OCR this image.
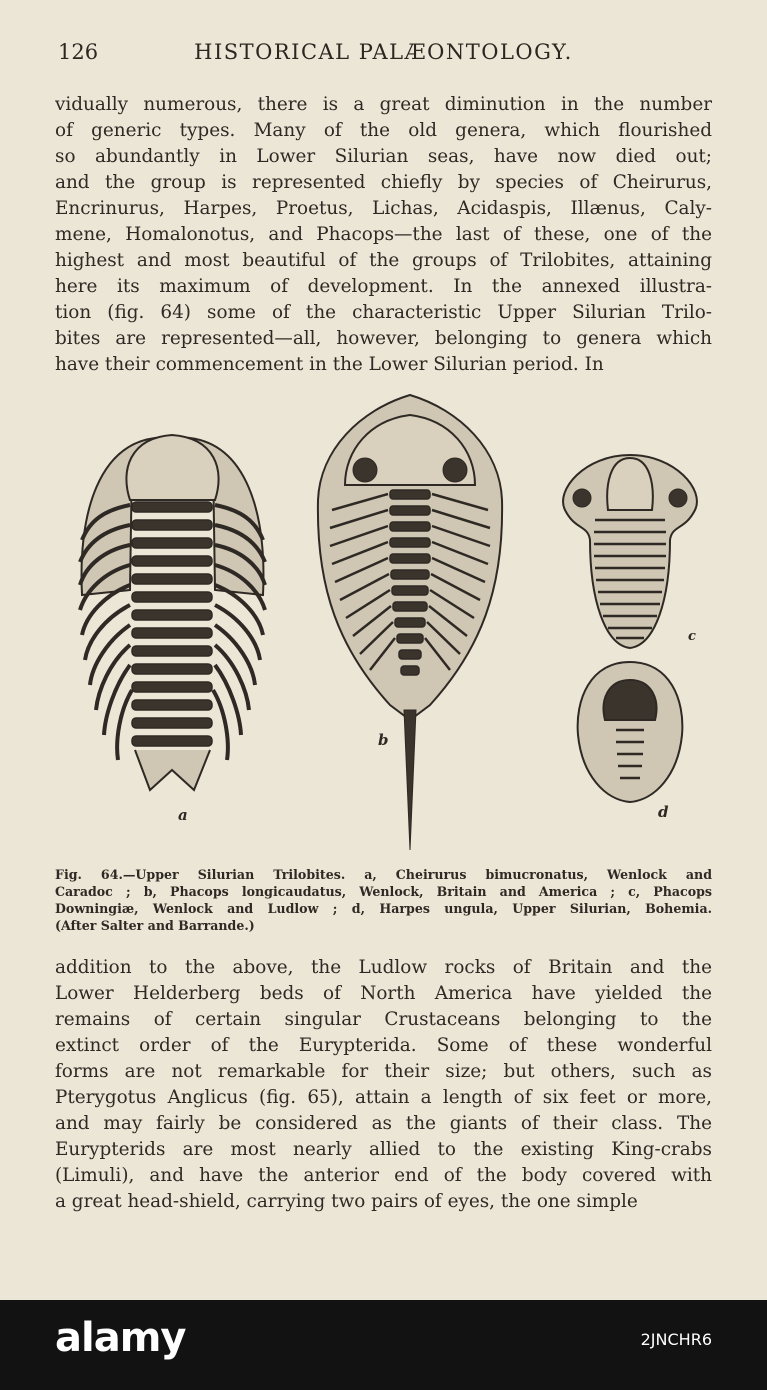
126	HISTORICAL PALÆONTOLOGY.
vidually numerous, there is a great diminution in the number
of generic types. Many of the old genera, which flourished
so abundantly in Lower Silurian seas, have now died out;
and the group is represented chiefly by species of Cheirurus,
Encrinurus, Harpes, Proetus, Lichas, Acidaspis, Illænus, Caly-
mene, Homalonotus, and Phacops—the last of these, one of the
highest and most beautiful of the groups of Trilobites, attaining
here its maximum of development. In the annexed illustra-
tion (fig. 64) some of the characteristic Upper Silurian Trilo-
bites are represented—all, however, belonging to genera which
have their commencement in the Lower Silurian period. In
a
b
c
d
Fig. 64.—Upper Silurian Trilobites. a, Cheirurus bimucronatus, Wenlock and
Caradoc ; b, Phacops longicaudatus, Wenlock, Britain and America ; c, Phacops
Downingiæ, Wenlock and Ludlow ; d, Harpes ungula, Upper Silurian, Bohemia.
(After Salter and Barrande.)
addition to the above, the Ludlow rocks of Britain and the
Lower Helderberg beds of North America have yielded the
remains of certain singular Crustaceans belonging to the
extinct order of the Eurypterida. Some of these wonderful
forms are not remarkable for their size; but others, such as
Pterygotus Anglicus (fig. 65), attain a length of six feet or more,
and may fairly be considered as the giants of their class. The
Eurypterids are most nearly allied to the existing King-crabs
(Limuli), and have the anterior end of the body covered with
a great head-shield, carrying two pairs of eyes, the one simple
alamy	2JNCHR6
